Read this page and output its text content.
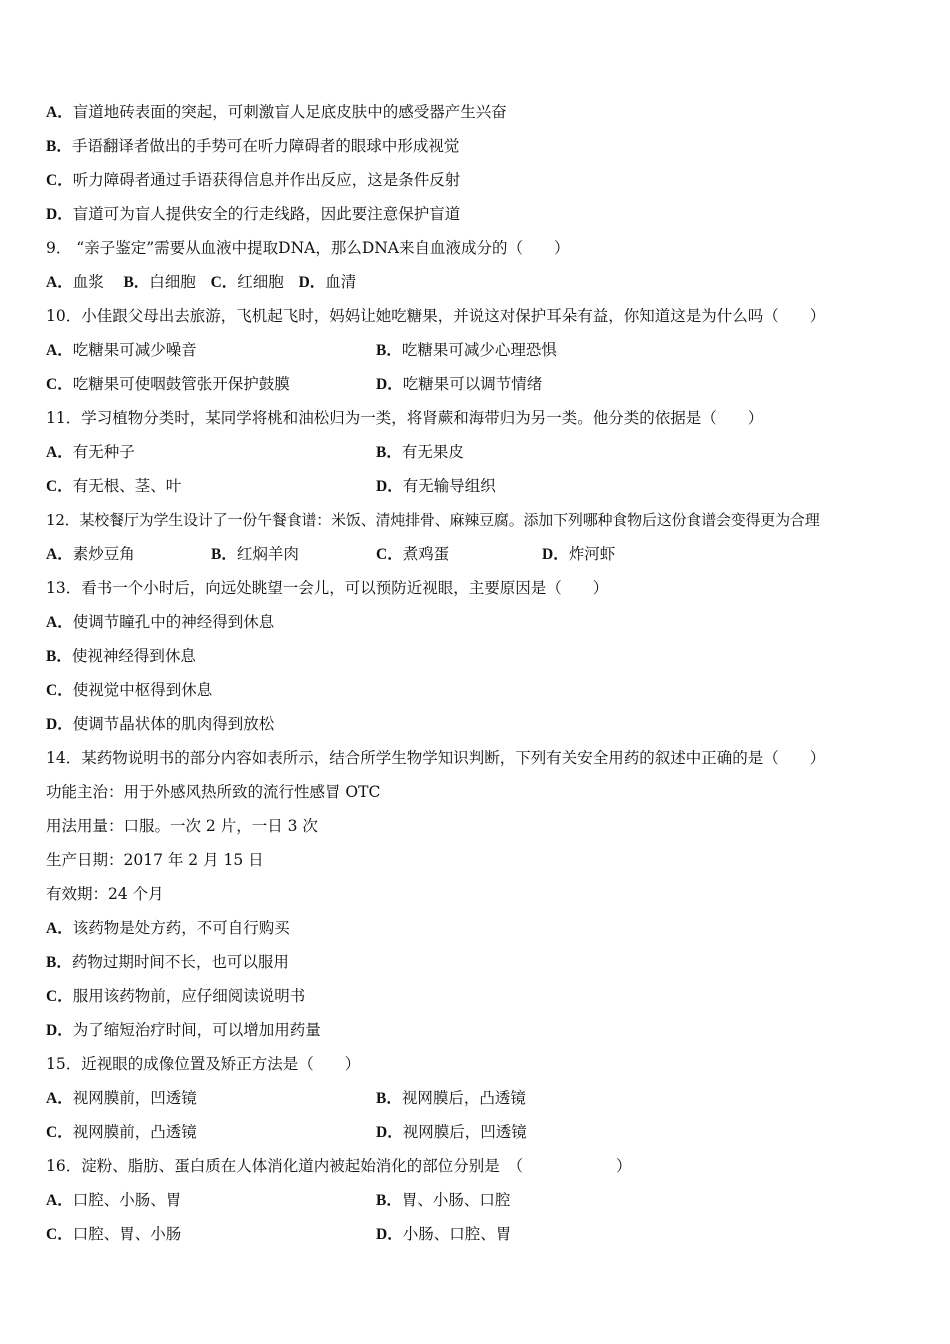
A．盲道地砖表面的突起，可刺激盲人足底皮肤中的感受器产生兴奋
B．手语翻译者做出的手势可在听力障碍者的眼球中形成视觉
C．听力障碍者通过手语获得信息并作出反应，这是条件反射
D．盲道可为盲人提供安全的行走线路，因此要注意保护盲道
9． “亲子鉴定”需要从血液中提取DNA，那么DNA来自血液成分的（　　）
A．血浆 B．白细胞 C．红细胞 D．血清
10．小佳跟父母出去旅游，飞机起飞时，妈妈让她吃糖果，并说这对保护耳朵有益，你知道这是为什么吗（　　）
A．吃糖果可减少噪音	B．吃糖果可减少心理恐惧
C．吃糖果可使咽鼓管张开保护鼓膜	D．吃糖果可以调节情绪
11．学习植物分类时，某同学将桃和油松归为一类，将肾蕨和海带归为另一类。他分类的依据是（　　）
A．有无种子	B．有无果皮
C．有无根、茎、叶	D．有无输导组织
12．某校餐厅为学生设计了一份午餐食谱：米饭、清炖排骨、麻辣豆腐。添加下列哪种食物后这份食谱会变得更为合理
A．素炒豆角	B．红焖羊肉	C．煮鸡蛋	D．炸河虾
13．看书一个小时后，向远处眺望一会儿，可以预防近视眼，主要原因是（　　）
A．使调节瞳孔中的神经得到休息
B．使视神经得到休息
C．使视觉中枢得到休息
D．使调节晶状体的肌肉得到放松
14．某药物说明书的部分内容如表所示，结合所学生物学知识判断，下列有关安全用药的叙述中正确的是（　　）
功能主治：用于外感风热所致的流行性感冒 OTC
用法用量：口服。一次 2 片，一日 3 次
生产日期：2017 年 2 月 15 日
有效期：24 个月
A．该药物是处方药，不可自行购买
B．药物过期时间不长，也可以服用
C．服用该药物前，应仔细阅读说明书
D．为了缩短治疗时间，可以增加用药量
15．近视眼的成像位置及矫正方法是（　　）
A．视网膜前，凹透镜	B．视网膜后，凸透镜
C．视网膜前，凸透镜	D．视网膜后，凹透镜
16．淀粉、脂肪、蛋白质在人体消化道内被起始消化的部位分别是　（　　　　　　）
A．口腔、小肠、胃	B．胃、小肠、口腔
C．口腔、胃、小肠	D．小肠、口腔、胃
